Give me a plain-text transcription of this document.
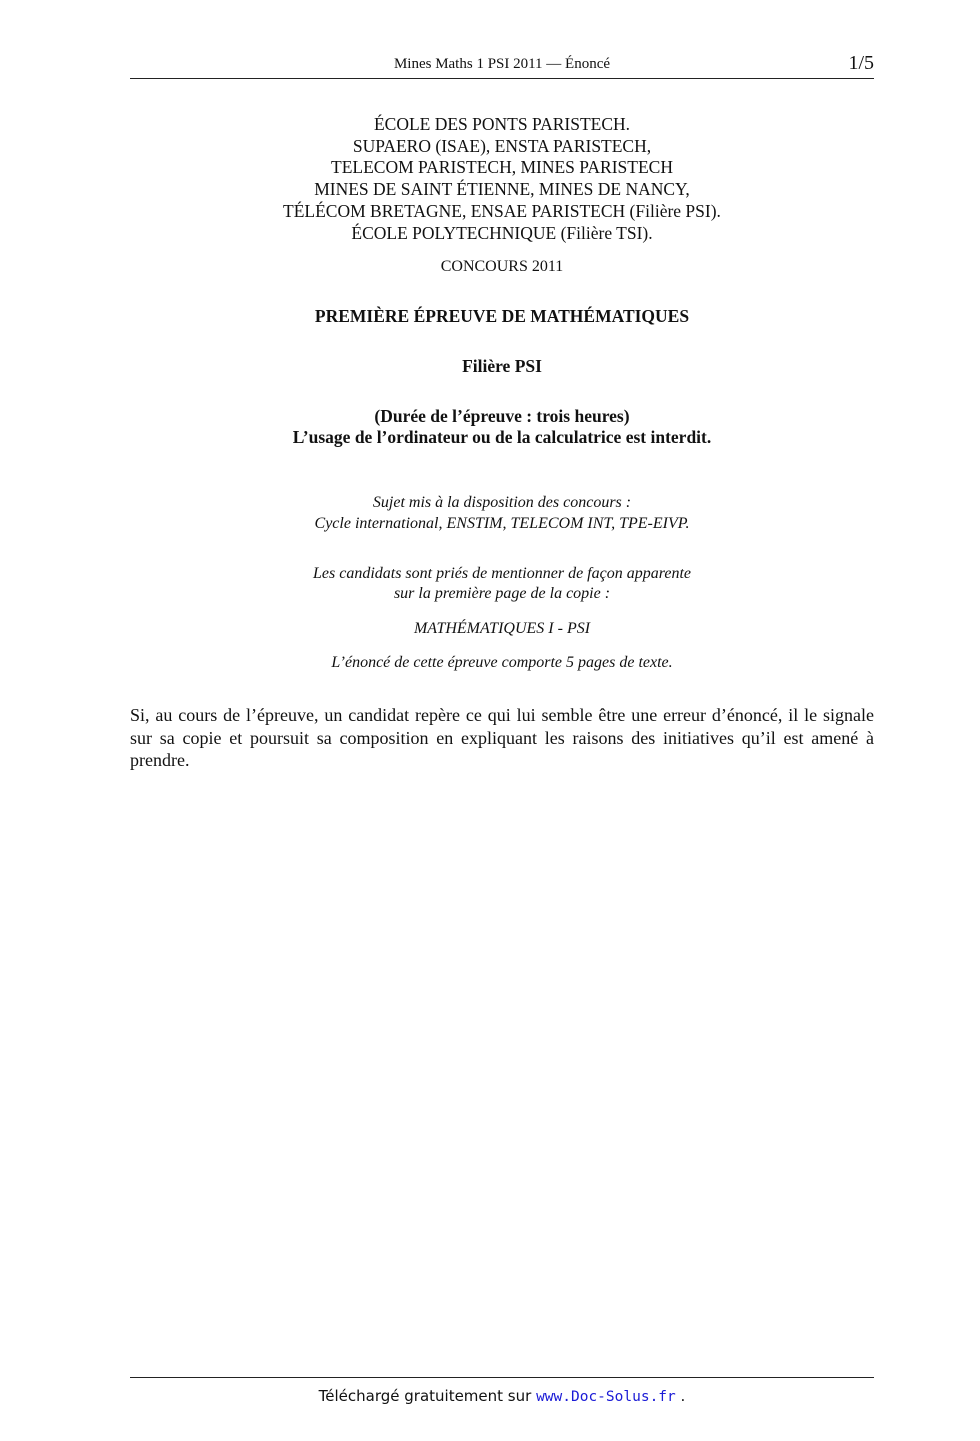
Mines Maths 1 PSI 2011 — Énoncé	1/5
ÉCOLE DES PONTS PARISTECH.
SUPAERO (ISAE), ENSTA PARISTECH,
TELECOM PARISTECH, MINES PARISTECH
MINES DE SAINT ÉTIENNE, MINES DE NANCY,
TÉLÉCOM BRETAGNE, ENSAE PARISTECH (Filière PSI).
ÉCOLE POLYTECHNIQUE (Filière TSI).
CONCOURS 2011
PREMIÈRE ÉPREUVE DE MATHÉMATIQUES
Filière PSI
(Durée de l’épreuve : trois heures)
L’usage de l’ordinateur ou de la calculatrice est interdit.
Sujet mis à la disposition des concours :
Cycle international, ENSTIM, TELECOM INT, TPE-EIVP.
Les candidats sont priés de mentionner de façon apparente
sur la première page de la copie :
MATHÉMATIQUES I - PSI
L’énoncé de cette épreuve comporte 5 pages de texte.
Si, au cours de l’épreuve, un candidat repère ce qui lui semble être une erreur d’énoncé, il le signale sur sa copie et poursuit sa composition en expliquant les raisons des initiatives qu’il est amené à prendre.
Téléchargé gratuitement sur www.Doc-Solus.fr .
